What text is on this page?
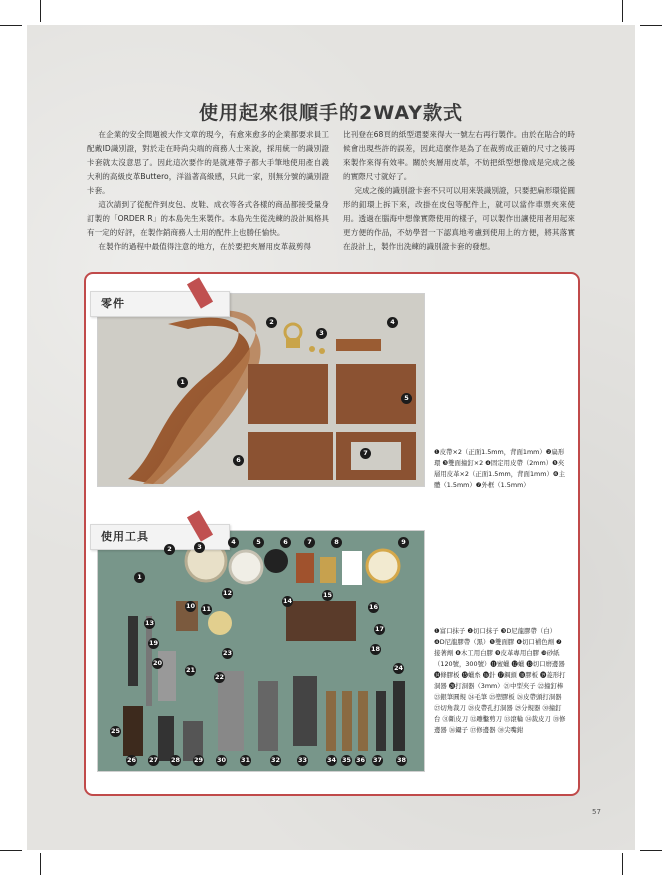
使用起來很順手的2WAY款式

在企業的安全問題被大作文章的現今，有愈來愈多的企業都要求員工配戴ID識別證，對於走在時尚尖端的商務人士來說，採用統一的識別證卡套就太沒意思了。因此這次要作的是就連帶子都大手筆地使用產自義大利的高級皮革Buttero，洋溢著高級感，只此一家，別無分號的識別證卡套。

這次請到了從配件到皮包、皮鞋、成衣等各式各樣的商品都接受量身訂製的「ORDER R」的本島先生來製作。本島先生從洗練的設計風格具有一定的好評，在製作銷商務人士用的配件上也勝任愉快。

在製作的過程中最值得注意的地方，在於要把夾層用皮革裁剪得

比刊登在68頁的紙型還要來得大一號左右再行製作。由於在貼合的時候會出現些許的誤差，因此這麼作是為了在裁剪成正確的尺寸之後再來製作來得有效率。關於夾層用皮革，不妨把紙型想像成是完成之後的實際尺寸就好了。

完成之後的識別證卡套不只可以用來裝識別證，只要把扁形環從圓形的釦環上拆下來，改掛在皮包等配件上，就可以當作車票夾來使用。透過在腦海中想像實際使用的樣子，可以製作出讓使用者用起來更方便的作品，不妨學習一下認真地考慮到使用上的方便，將其落實在設計上，製作出洗練的識別證卡套的發想。

零件
1
2
3
4
5
6
7	❶皮帶×2（正面1.5mm，背面1mm）❷扁形環 ❸雙面撞釘×2 ❹固定用皮帶（2mm）❺夾層用皮革×2（正面1.5mm，背面1mm）❻主體（1.5mm）❼外框（1.5mm）
使用工具
1
2	3
4	5	6	7	8	9
10 11
12
13
14
15
16
17
18
19
20
21
22
23
24
25
26 27 28 29 30 31	32	33	34 35 36 37 38
❶富口抹子 ❷切口抹子 ❸D尼龍膠帶（白）❹D尼龍膠帶（黑）❺雙面膠 ❻切口補色劑 ❼接著劑 ❽木工用白膠 ❾皮革專用白膠 ❿砂紙（120號，300號）⓫蜜蠟 ⓬蠟 ⓭切口磨邊器 ⓮條膠板 ⓯蠟糸 ⓰針 ⓱鋼頭 ⓲膠板 ⓳菱形打洞器 ⓴打洞器（3mm）㉑中型夾子 ㉒撞釘棒 ㉓銀筆圓規 ㉔毛筆 ㉕塑膠板 ㉖皮帶頭打洞器 ㉗切角裁刀 ㉘皮帶孔打洞器 ㉙分規器 ㉚撞釘台 ㉛斷皮刀 ㉜雕鑿剪刀 ㉝滾輪 ㉞裁皮刀 ㉟修邊器 ㊱鑷子 ㊲修邊器 ㊳尖嘴鉗
57
